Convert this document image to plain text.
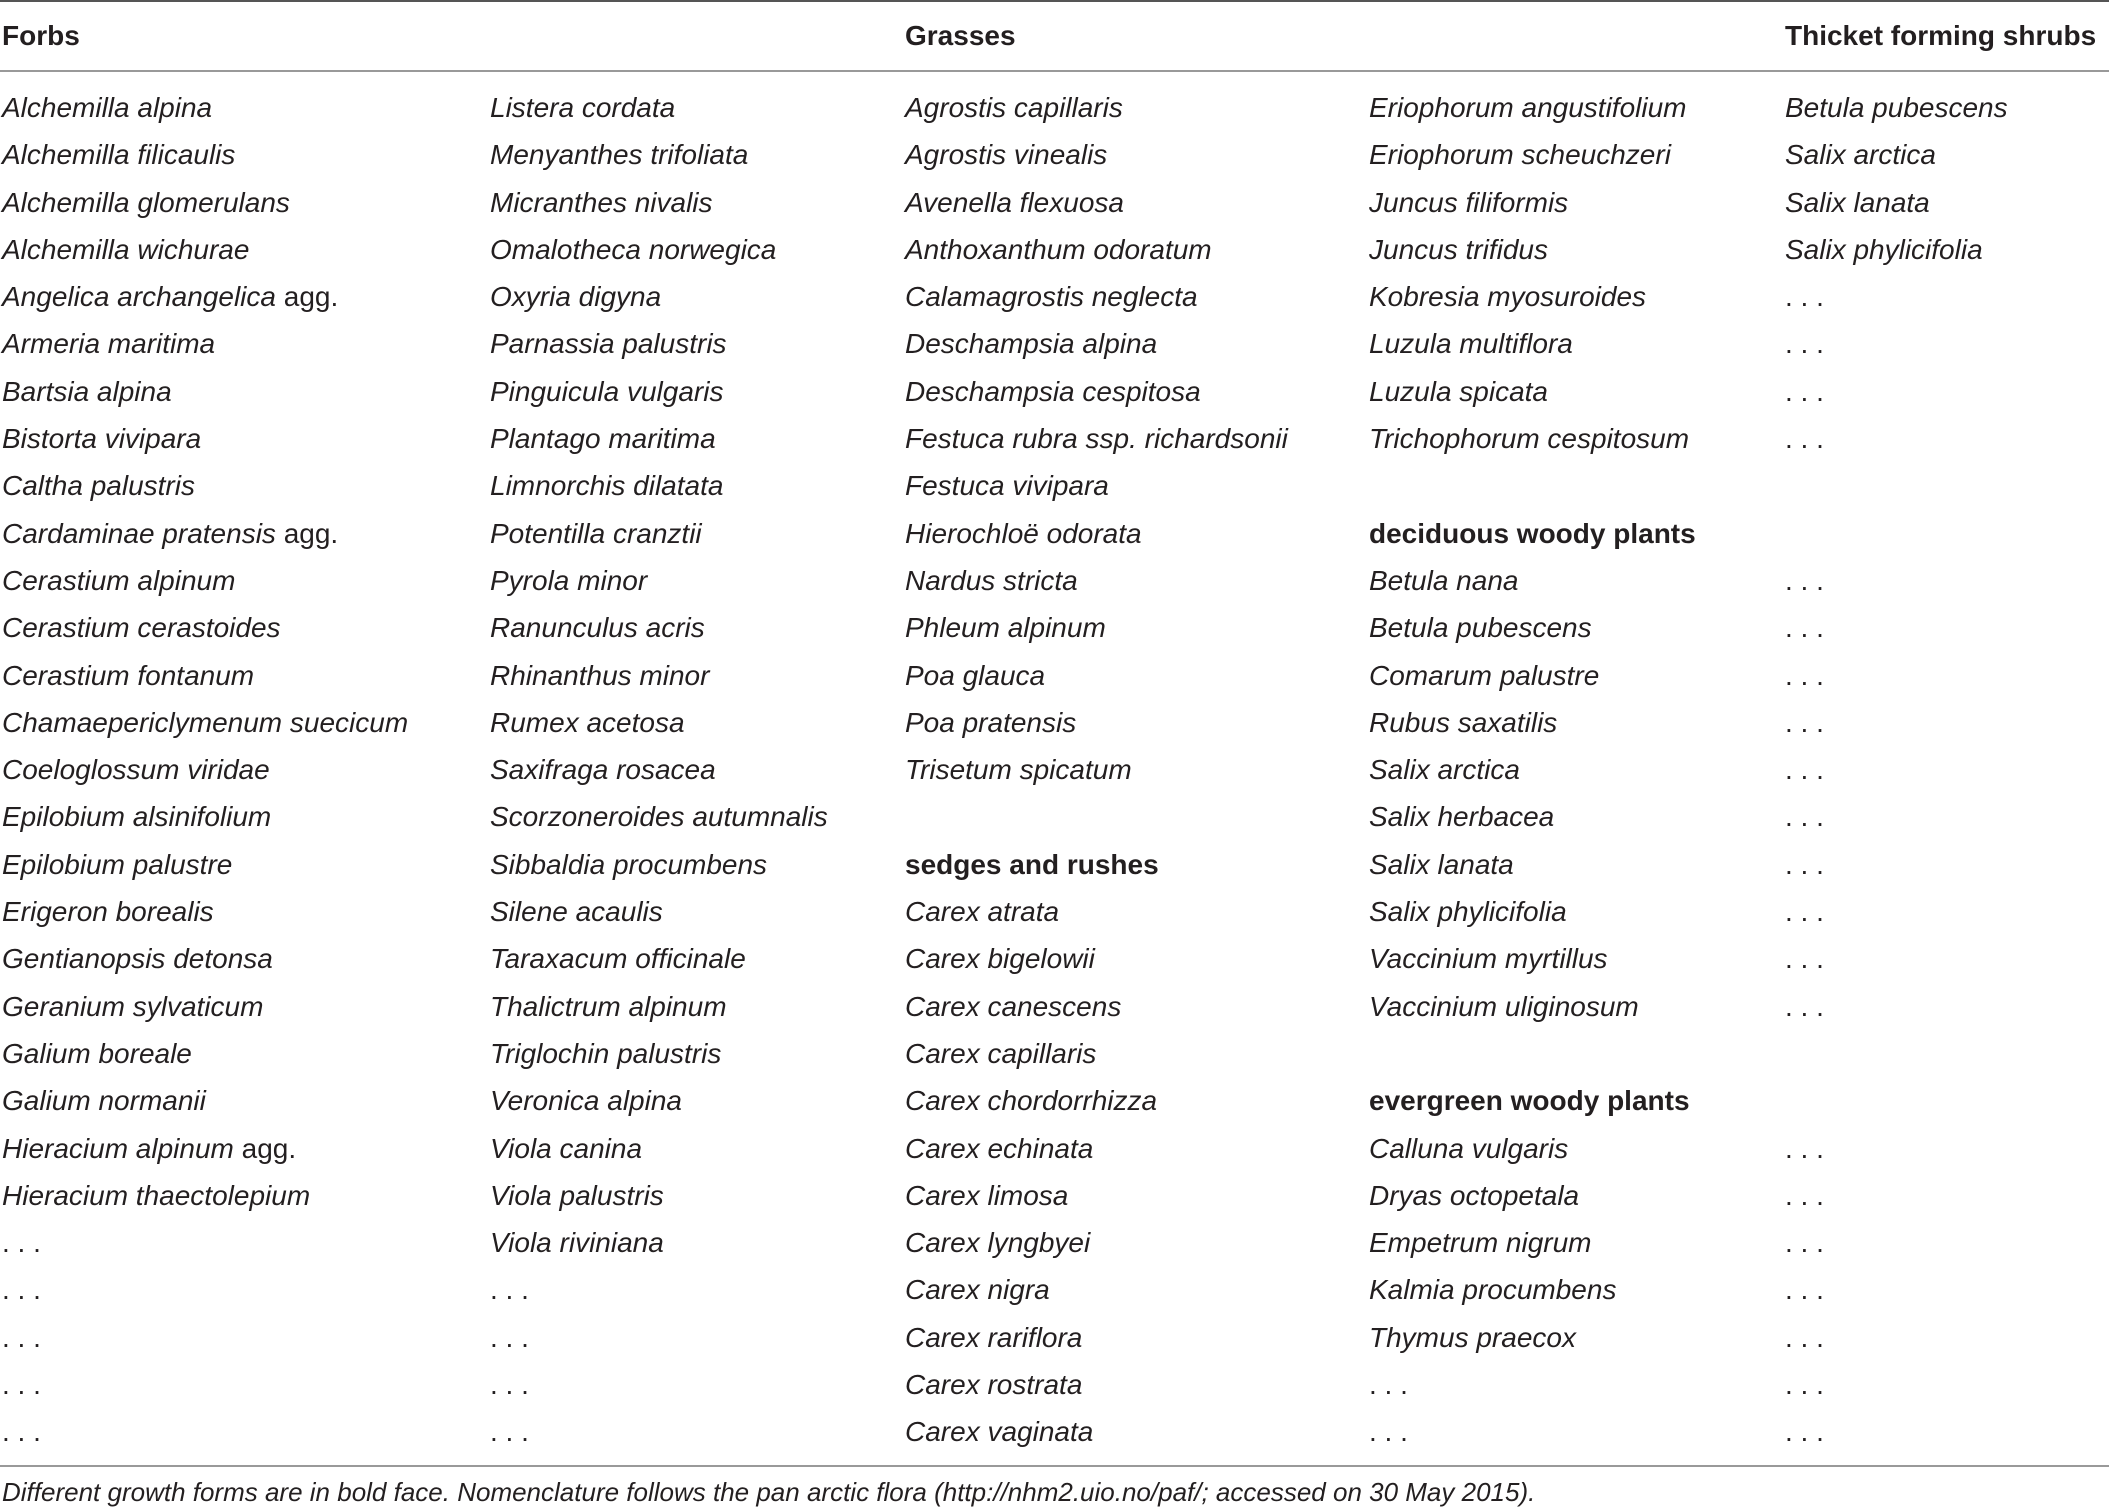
Forbs	Grasses	Thicket forming shrubs
Alchemilla alpina
Alchemilla filicaulis
Alchemilla glomerulans
Alchemilla wichurae
Angelica archangelica agg.
Armeria maritima
Bartsia alpina
Bistorta vivipara
Caltha palustris
Cardaminae pratensis agg.
Cerastium alpinum
Cerastium cerastoides
Cerastium fontanum
Chamaepericlymenum suecicum
Coeloglossum viridae
Epilobium alsinifolium
Epilobium palustre
Erigeron borealis
Gentianopsis detonsa
Geranium sylvaticum
Galium boreale
Galium normanii
Hieracium alpinum agg.
Hieracium thaectolepium
. . .
. . .
. . .
. . .
. . .
Listera cordata
Menyanthes trifoliata
Micranthes nivalis
Omalotheca norwegica
Oxyria digyna
Parnassia palustris
Pinguicula vulgaris
Plantago maritima
Limnorchis dilatata
Potentilla cranztii
Pyrola minor
Ranunculus acris
Rhinanthus minor
Rumex acetosa
Saxifraga rosacea
Scorzoneroides autumnalis
Sibbaldia procumbens
Silene acaulis
Taraxacum officinale
Thalictrum alpinum
Triglochin palustris
Veronica alpina
Viola canina
Viola palustris
Viola riviniana
. . .
. . .
. . .
. . .
Agrostis capillaris
Agrostis vinealis
Avenella flexuosa
Anthoxanthum odoratum
Calamagrostis neglecta
Deschampsia alpina
Deschampsia cespitosa
Festuca rubra ssp. richardsonii
Festuca vivipara
Hierochloë odorata
Nardus stricta
Phleum alpinum
Poa glauca
Poa pratensis
Trisetum spicatum
sedges and rushes
Carex atrata
Carex bigelowii
Carex canescens
Carex capillaris
Carex chordorrhizza
Carex echinata
Carex limosa
Carex lyngbyei
Carex nigra
Carex rariflora
Carex rostrata
Carex vaginata
Eriophorum angustifolium
Eriophorum scheuchzeri
Juncus filiformis
Juncus trifidus
Kobresia myosuroides
Luzula multiflora
Luzula spicata
Trichophorum cespitosum
deciduous woody plants
Betula nana
Betula pubescens
Comarum palustre
Rubus saxatilis
Salix arctica
Salix herbacea
Salix lanata
Salix phylicifolia
Vaccinium myrtillus
Vaccinium uliginosum
evergreen woody plants
Calluna vulgaris
Dryas octopetala
Empetrum nigrum
Kalmia procumbens
Thymus praecox
. . .
. . .
Betula pubescens
Salix arctica
Salix lanata
Salix phylicifolia
. . .
. . .
. . .
. . .
. . .
. . .
. . .
. . .
. . .
. . .
. . .
. . .
. . .
. . .
. . .
. . .
. . .
. . .
. . .
. . .
. . .
Different growth forms are in bold face. Nomenclature follows the pan arctic flora (http://nhm2.uio.no/paf/; accessed on 30 May 2015).
